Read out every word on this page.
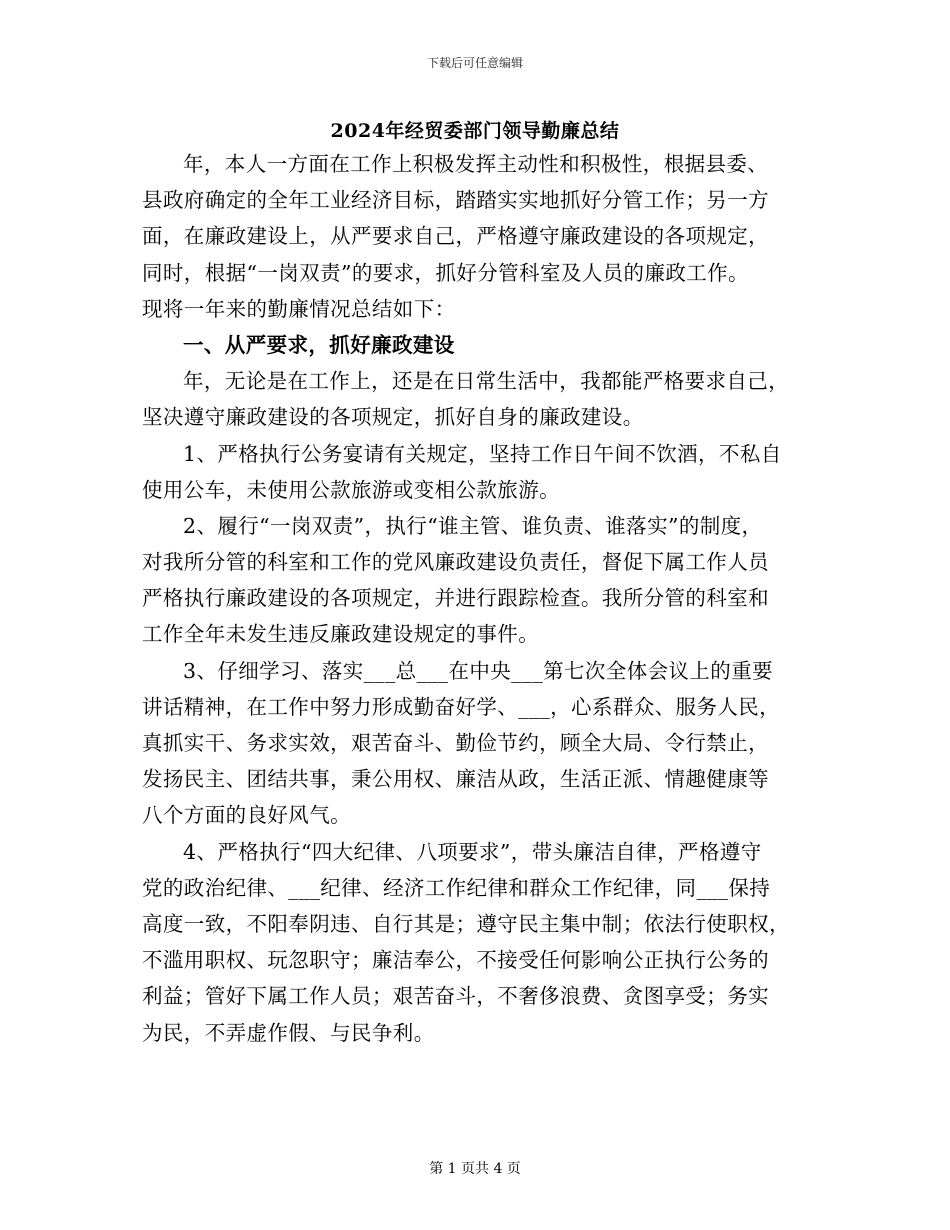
下载后可任意编辑
2024年经贸委部门领导勤廉总结
年，本人一方面在工作上积极发挥主动性和积极性，根据县委、
县政府确定的全年工业经济目标，踏踏实实地抓好分管工作；另一方
面，在廉政建设上，从严要求自己，严格遵守廉政建设的各项规定，
同时，根据“一岗双责”的要求，抓好分管科室及人员的廉政工作。
现将一年来的勤廉情况总结如下：
一、从严要求，抓好廉政建设
年，无论是在工作上，还是在日常生活中，我都能严格要求自己，
坚决遵守廉政建设的各项规定，抓好自身的廉政建设。
1、严格执行公务宴请有关规定，坚持工作日午间不饮酒，不私自
使用公车，未使用公款旅游或变相公款旅游。
2、履行“一岗双责”，执行“谁主管、谁负责、谁落实”的制度，
对我所分管的科室和工作的党风廉政建设负责任，督促下属工作人员
严格执行廉政建设的各项规定，并进行跟踪检查。我所分管的科室和
工作全年未发生违反廉政建设规定的事件。
3、仔细学习、落实___总___在中央___第七次全体会议上的重要
讲话精神，在工作中努力形成勤奋好学、___，心系群众、服务人民，
真抓实干、务求实效，艰苦奋斗、勤俭节约，顾全大局、令行禁止，
发扬民主、团结共事，秉公用权、廉洁从政，生活正派、情趣健康等
八个方面的良好风气。
4、严格执行“四大纪律、八项要求”，带头廉洁自律，严格遵守
党的政治纪律、___纪律、经济工作纪律和群众工作纪律，同___保持
高度一致，不阳奉阴违、自行其是；遵守民主集中制；依法行使职权，
不滥用职权、玩忽职守；廉洁奉公，不接受任何影响公正执行公务的
利益；管好下属工作人员；艰苦奋斗，不奢侈浪费、贪图享受；务实
为民，不弄虚作假、与民争利。
第 1 页共 4 页
